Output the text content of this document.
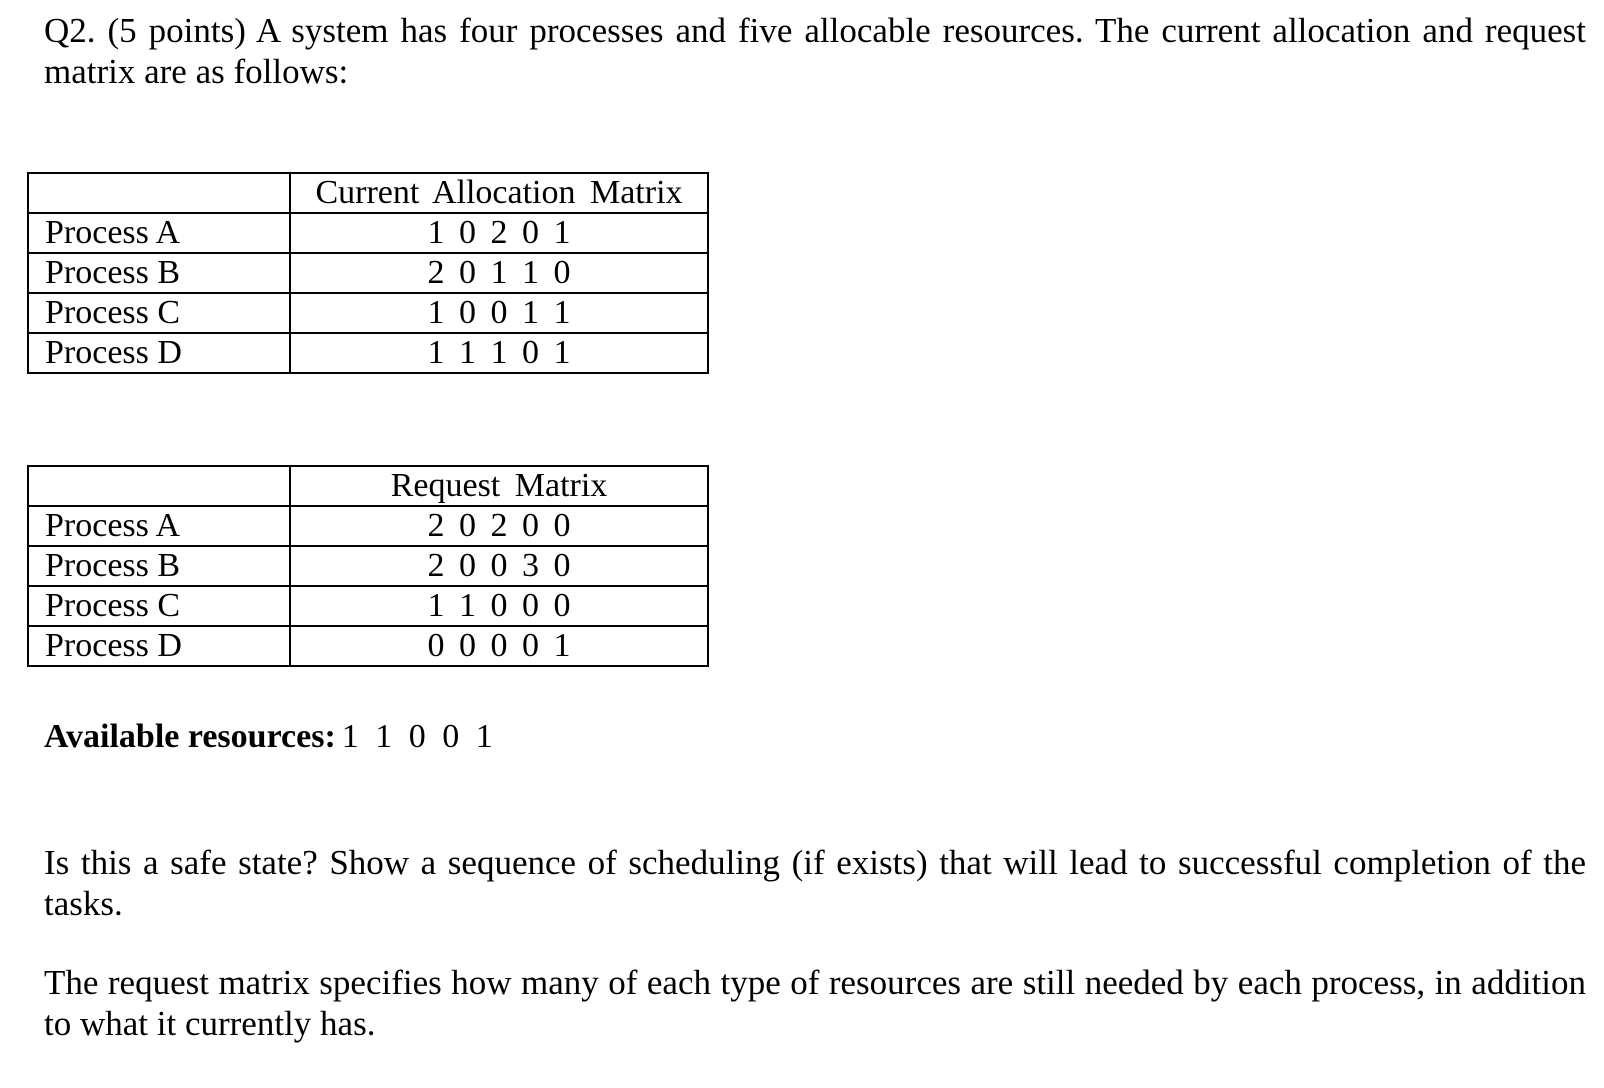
Q2. (5 points) A system has four processes and five allocable resources. The current allocation and request matrix are as follows:

	Current Allocation Matrix
Process A	1 0 2 0 1
Process B	2 0 1 1 0
Process C	1 0 0 1 1
Process D	1 1 1 0 1
	Request Matrix
Process A	2 0 2 0 0
Process B	2 0 0 3 0
Process C	1 1 0 0 0
Process D	0 0 0 0 1

Available resources: 1 1 0 0 1

Is this a safe state? Show a sequence of scheduling (if exists) that will lead to successful completion of the tasks.

The request matrix specifies how many of each type of resources are still needed by each process, in addition to what it currently has.
